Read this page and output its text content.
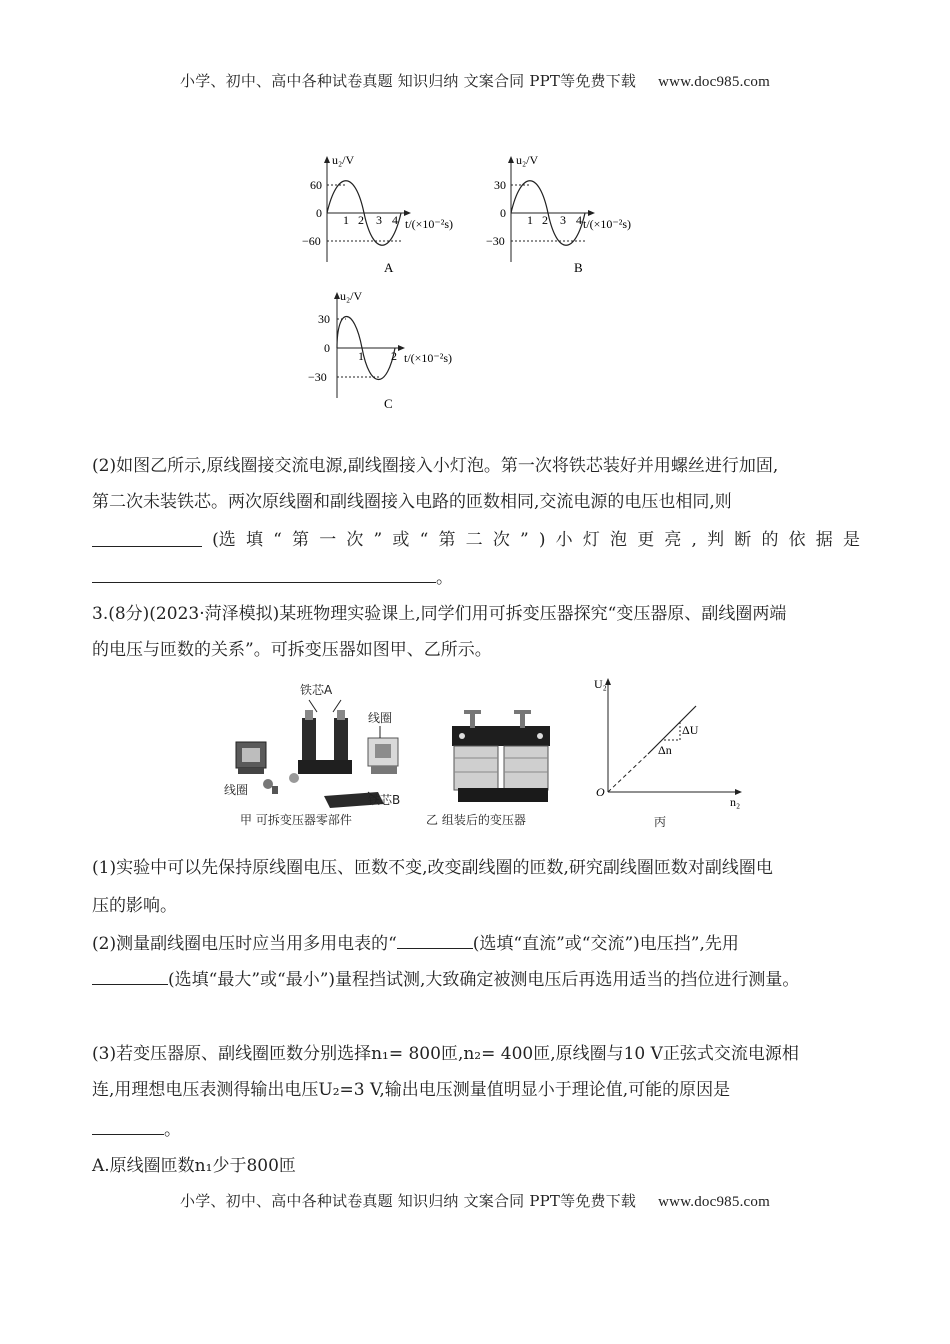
小学、初中、高中各种试卷真题 知识归纳 文案合同 PPT等免费下载 www.doc985.com
60
0
−60
u₂/V
1 2 3 4 t/(×10⁻²s)
A
30
0
−30
u₂/V
1 2 3 4 t/(×10⁻²s)
B
30
0
−30
u₂/V
1 2 t/(×10⁻²s)
C
(2)如图乙所示,原线圈接交流电源,副线圈接入小灯泡。第一次将铁芯装好并用螺丝进行加固,
第二次未装铁芯。两次原线圈和副线圈接入电路的匝数相同,交流电源的电压也相同,则
(选 填 “ 第 一 次 ” 或 “ 第 二 次 ” ) 小 灯 泡 更 亮 , 判 断 的 依 据 是
。
3.(8分)(2023·菏泽模拟)某班物理实验课上,同学们用可拆变压器探究“变压器原、副线圈两端
的电压与匝数的关系”。可拆变压器如图甲、乙所示。
铁芯A
线圈
线圈
铁芯B
甲 可拆变压器零部件	乙 组装后的变压器
U₂
n₂
O
ΔU
Δn
丙
(1)实验中可以先保持原线圈电压、匝数不变,改变副线圈的匝数,研究副线圈匝数对副线圈电
压的影响。
(2)测量副线圈电压时应当用多用电表的“	(选填“直流”或“交流”)电压挡”,先用
(选填“最大”或“最小”)量程挡试测,大致确定被测电压后再选用适当的挡位进行测量。
(3)若变压器原、副线圈匝数分别选择n₁= 800匝,n₂= 400匝,原线圈与10 V正弦式交流电源相
连,用理想电压表测得输出电压U₂=3 V,输出电压测量值明显小于理论值,可能的原因是
。
A.原线圈匝数n₁少于800匝
小学、初中、高中各种试卷真题 知识归纳 文案合同 PPT等免费下载 www.doc985.com
